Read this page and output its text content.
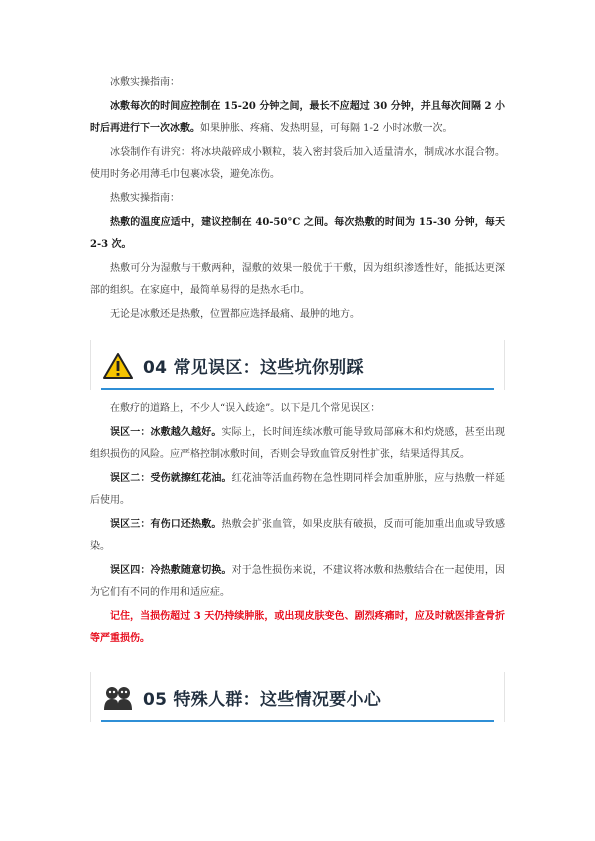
冰敷实操指南：

冰敷每次的时间应控制在 15-20 分钟之间，最长不应超过 30 分钟，并且每次间隔 2 小时后再进行下一次冰敷。如果肿胀、疼痛、发热明显，可每隔 1-2 小时冰敷一次。

冰袋制作有讲究：将冰块敲碎成小颗粒，装入密封袋后加入适量清水，制成冰水混合物。使用时务必用薄毛巾包裹冰袋，避免冻伤。

热敷实操指南：

热敷的温度应适中，建议控制在 40-50°C 之间。每次热敷的时间为 15-30 分钟，每天 2-3 次。

热敷可分为湿敷与干敷两种，湿敷的效果一般优于干敷，因为组织渗透性好，能抵达更深部的组织。在家庭中，最简单易得的是热水毛巾。

无论是冰敷还是热敷，位置都应选择最痛、最肿的地方。

04 常见误区：这些坑你别踩

在敷疗的道路上，不少人“误入歧途”。以下是几个常见误区：

误区一：冰敷越久越好。实际上，长时间连续冰敷可能导致局部麻木和灼烧感，甚至出现组织损伤的风险。应严格控制冰敷时间，否则会导致血管反射性扩张，结果适得其反。

误区二：受伤就擦红花油。红花油等活血药物在急性期同样会加重肿胀，应与热敷一样延后使用。

误区三：有伤口还热敷。热敷会扩张血管，如果皮肤有破损，反而可能加重出血或导致感染。

误区四：冷热敷随意切换。对于急性损伤来说，不建议将冰敷和热敷结合在一起使用，因为它们有不同的作用和适应症。

记住，当损伤超过 3 天仍持续肿胀，或出现皮肤变色、剧烈疼痛时，应及时就医排查骨折等严重损伤。

05 特殊人群：这些情况要小心
